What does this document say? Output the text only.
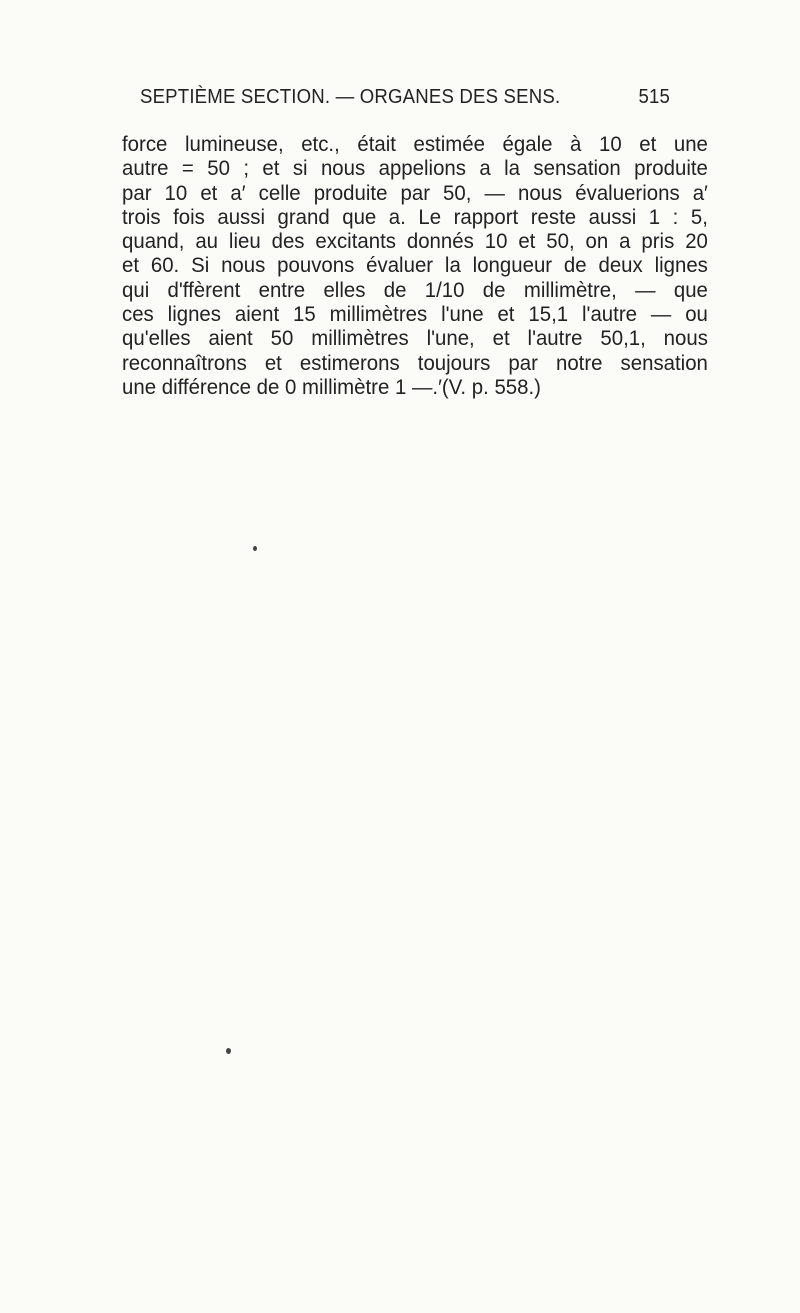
SEPTIÈME SECTION. — ORGANES DES SENS.	515
force lumineuse, etc., était estimée égale à 10 et une
autre = 50 ; et si nous appelions a la sensation produite
par 10 et a′ celle produite par 50, — nous évaluerions a′
trois fois aussi grand que a. Le rapport reste aussi 1 : 5,
quand, au lieu des excitants donnés 10 et 50, on a pris 20
et 60. Si nous pouvons évaluer la longueur de deux lignes
qui d'ffèrent entre elles de 1/10 de millimètre, — que
ces lignes aient 15 millimètres l'une et 15,1 l'autre — ou
qu'elles aient 50 millimètres l'une, et l'autre 50,1, nous
reconnaîtrons et estimerons toujours par notre sensation
une différence de 0 millimètre 1 —.′(V. p. 558.)
